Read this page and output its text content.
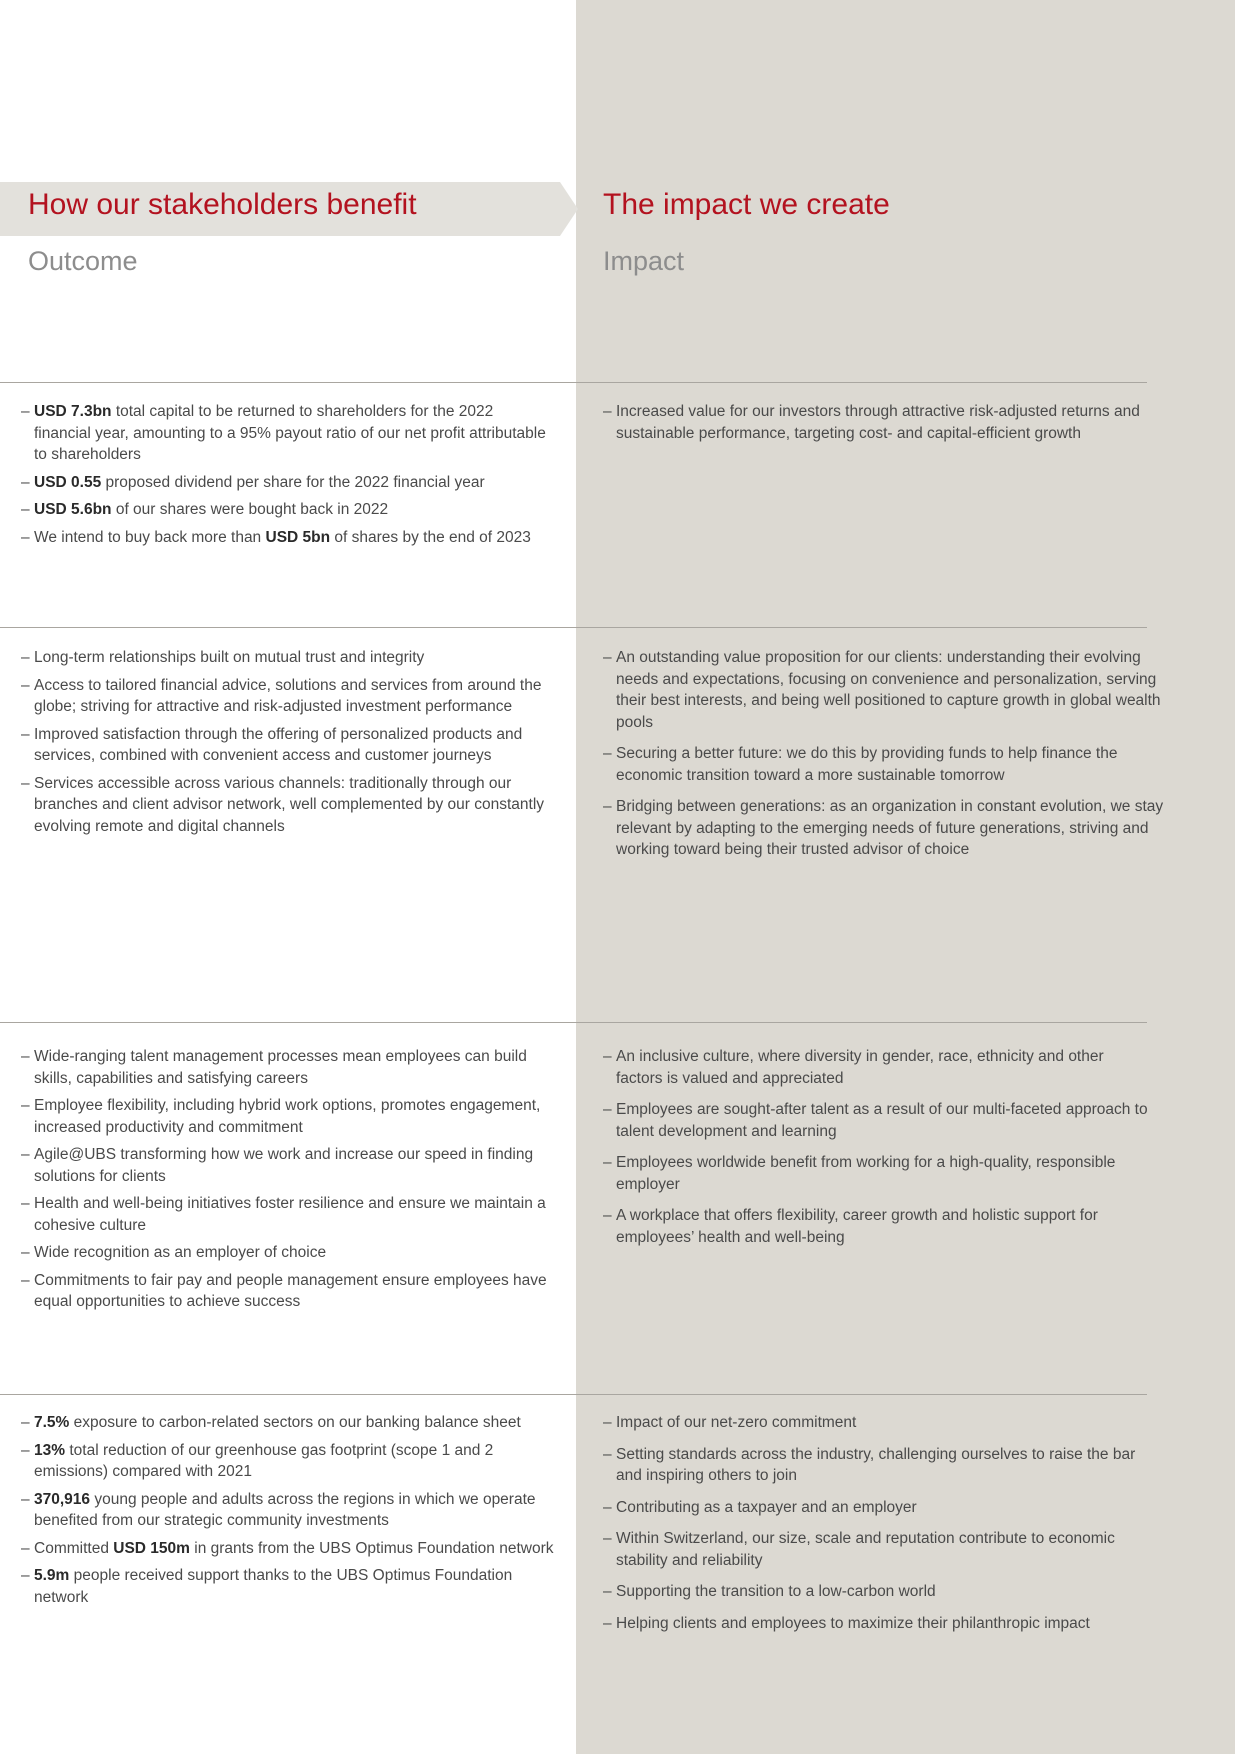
How our stakeholders benefit	The impact we create
Outcome	Impact
– USD 7.3bn total capital to be returned to shareholders for the 2022 financial year, amounting to a 95% payout ratio of our net profit attributable to shareholders
– USD 0.55 proposed dividend per share for the 2022 financial year
– USD 5.6bn of our shares were bought back in 2022
– We intend to buy back more than USD 5bn of shares by the end of 2023
– Increased value for our investors through attractive risk-adjusted returns and sustainable performance, targeting cost- and capital-efficient growth
– Long-term relationships built on mutual trust and integrity
– Access to tailored financial advice, solutions and services from around the globe; striving for attractive and risk-adjusted investment performance
– Improved satisfaction through the offering of personalized products and services, combined with convenient access and customer journeys
– Services accessible across various channels: traditionally through our branches and client advisor network, well complemented by our constantly evolving remote and digital channels
– An outstanding value proposition for our clients: understanding their evolving needs and expectations, focusing on convenience and personalization, serving their best interests, and being well positioned to capture growth in global wealth pools
– Securing a better future: we do this by providing funds to help finance the economic transition toward a more sustainable tomorrow
– Bridging between generations: as an organization in constant evolution, we stay relevant by adapting to the emerging needs of future generations, striving and working toward being their trusted advisor of choice
– Wide-ranging talent management processes mean employees can build skills, capabilities and satisfying careers
– Employee flexibility, including hybrid work options, promotes engagement, increased productivity and commitment
– Agile@UBS transforming how we work and increase our speed in finding solutions for clients
– Health and well-being initiatives foster resilience and ensure we maintain a cohesive culture
– Wide recognition as an employer of choice
– Commitments to fair pay and people management ensure employees have equal opportunities to achieve success
– An inclusive culture, where diversity in gender, race, ethnicity and other factors is valued and appreciated
– Employees are sought-after talent as a result of our multi-faceted approach to talent development and learning
– Employees worldwide benefit from working for a high-quality, responsible employer
– A workplace that offers flexibility, career growth and holistic support for employees’ health and well-being
– 7.5% exposure to carbon-related sectors on our banking balance sheet
– 13% total reduction of our greenhouse gas footprint (scope 1 and 2 emissions) compared with 2021
– 370,916 young people and adults across the regions in which we operate benefited from our strategic community investments
– Committed USD 150m in grants from the UBS Optimus Foundation network
– 5.9m people received support thanks to the UBS Optimus Foundation network
– Impact of our net-zero commitment
– Setting standards across the industry, challenging ourselves to raise the bar and inspiring others to join
– Contributing as a taxpayer and an employer
– Within Switzerland, our size, scale and reputation contribute to economic stability and reliability
– Supporting the transition to a low-carbon world
– Helping clients and employees to maximize their philanthropic impact
